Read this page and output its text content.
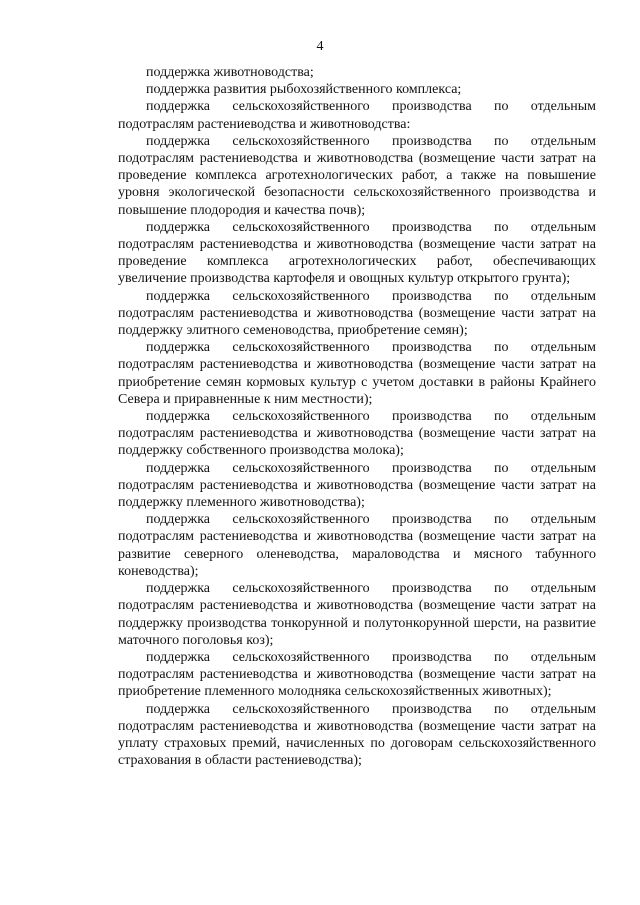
4

поддержка животноводства;

поддержка развития рыбохозяйственного комплекса;

поддержка сельскохозяйственного производства по отдельным подотраслям растениеводства и животноводства:

поддержка сельскохозяйственного производства по отдельным подотраслям растениеводства и животноводства (возмещение части затрат на проведение комплекса агротехнологических работ, а также на повышение уровня экологической безопасности сельскохозяйственного производства и повышение плодородия и качества почв);

поддержка сельскохозяйственного производства по отдельным подотраслям растениеводства и животноводства (возмещение части затрат на проведение комплекса агротехнологических работ, обеспечивающих увеличение производства картофеля и овощных культур открытого грунта);

поддержка сельскохозяйственного производства по отдельным подотраслям растениеводства и животноводства (возмещение части затрат на поддержку элитного семеноводства, приобретение семян);

поддержка сельскохозяйственного производства по отдельным подотраслям растениеводства и животноводства (возмещение части затрат на приобретение семян кормовых культур с учетом доставки в районы Крайнего Севера и приравненные к ним местности);

поддержка сельскохозяйственного производства по отдельным подотраслям растениеводства и животноводства (возмещение части затрат на поддержку собственного производства молока);

поддержка сельскохозяйственного производства по отдельным подотраслям растениеводства и животноводства (возмещение части затрат на поддержку племенного животноводства);

поддержка сельскохозяйственного производства по отдельным подотраслям растениеводства и животноводства (возмещение части затрат на развитие северного оленеводства, мараловодства и мясного табунного коневодства);

поддержка сельскохозяйственного производства по отдельным подотраслям растениеводства и животноводства (возмещение части затрат на поддержку производства тонкорунной и полутонкорунной шерсти, на развитие маточного поголовья коз);

поддержка сельскохозяйственного производства по отдельным подотраслям растениеводства и животноводства (возмещение части затрат на приобретение племенного молодняка сельскохозяйственных животных);

поддержка сельскохозяйственного производства по отдельным подотраслям растениеводства и животноводства (возмещение части затрат на уплату страховых премий, начисленных по договорам сельскохозяйственного страхования в области растениеводства);
